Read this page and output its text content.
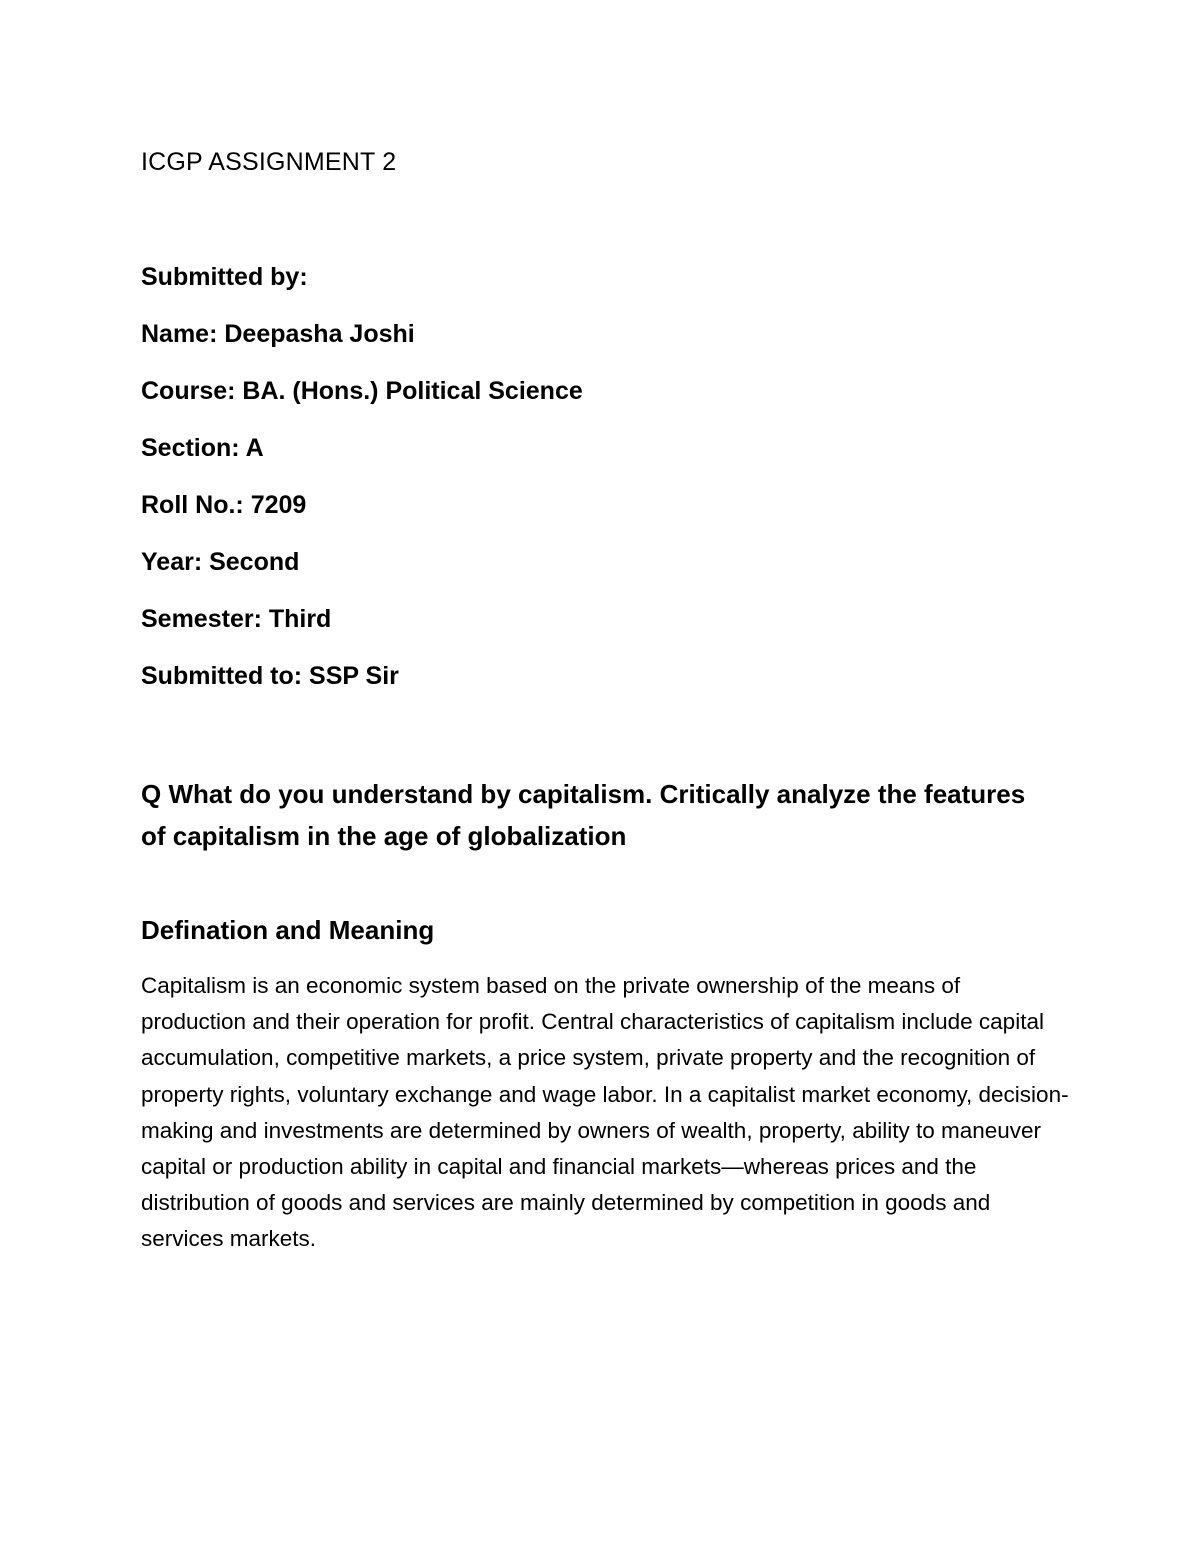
ICGP ASSIGNMENT 2
Submitted by:
Name: Deepasha Joshi
Course: BA. (Hons.) Political Science
Section: A
Roll No.: 7209
Year: Second
Semester: Third
Submitted to: SSP Sir

Q What do you understand by capitalism. Critically analyze the features of capitalism in the age of globalization

Defination and Meaning

Capitalism is an economic system based on the private ownership of the means of production and their operation for profit. Central characteristics of capitalism include capital accumulation, competitive markets, a price system, private property and the recognition of property rights, voluntary exchange and wage labor. In a capitalist market economy, decision-making and investments are determined by owners of wealth, property, ability to maneuver capital or production ability in capital and financial markets—whereas prices and the distribution of goods and services are mainly determined by competition in goods and services markets.
